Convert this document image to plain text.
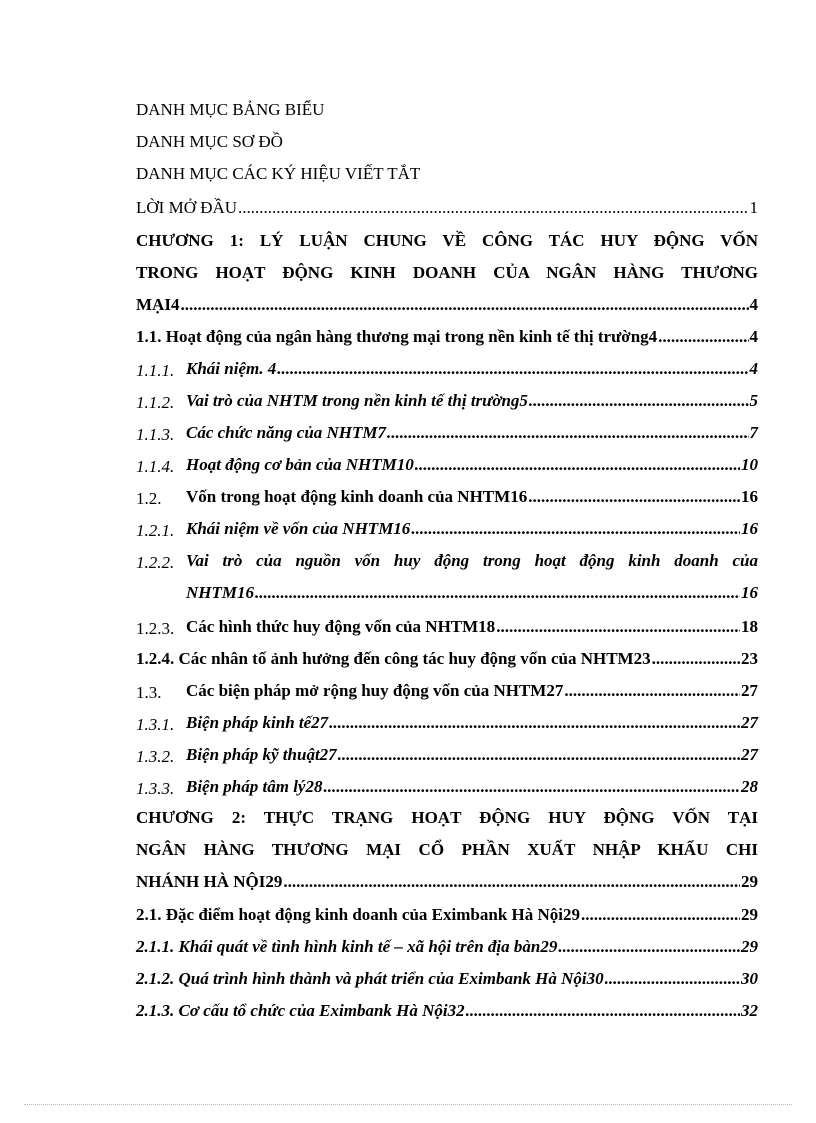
DANH MỤC BẢNG BIỂU
DANH MỤC SƠ ĐỒ
DANH MỤC CÁC KÝ HIỆU VIẾT TẮT
LỜI MỞ ĐẦU .....	1
CHƯƠNG 1: LÝ LUẬN CHUNG VỀ CÔNG TÁC HUY ĐỘNG VỐN
TRONG HOẠT ĐỘNG KINH DOANH CỦA NGÂN HÀNG THƯƠNG
MẠI4 .....	4
1.1. Hoạt động của ngân hàng thương mại trong nền kinh tế thị trường4 .....	4
1.1.1. Khái niệm. 4 .....	4
1.1.2. Vai trò của NHTM trong nền kinh tế thị trường5 .....	5
1.1.3. Các chức năng của NHTM7 .....	7
1.1.4. Hoạt động cơ bản của NHTM10 .....	10
1.2. Vốn trong hoạt động kinh doanh của NHTM16 .....	16
1.2.1. Khái niệm về vốn của NHTM16 .....	16
1.2.2. Vai trò của nguồn vốn huy động trong hoạt động kinh doanh của
NHTM16 .....	16
1.2.3. Các hình thức huy động vốn của NHTM18 .....	18
1.2.4. Các nhân tố ảnh hưởng đến công tác huy động vốn của NHTM23 .....	23
1.3. Các biện pháp mở rộng huy động vốn của NHTM27 .....	27
1.3.1. Biện pháp kinh tế27 .....	27
1.3.2. Biện pháp kỹ thuật27 .....	27
1.3.3. Biện pháp tâm lý28 .....	28
CHƯƠNG 2: THỰC TRẠNG HOẠT ĐỘNG HUY ĐỘNG VỐN TẠI
NGÂN HÀNG THƯƠNG MẠI CỔ PHẦN XUẤT NHẬP KHẨU CHI
NHÁNH HÀ NỘI29 .....	29
2.1. Đặc điểm hoạt động kinh doanh của Eximbank Hà Nội29 .....	29
2.1.1. Khái quát về tình hình kinh tế – xã hội trên địa bàn29 .....	29
2.1.2. Quá trình hình thành và phát triển của Eximbank Hà Nội30 .....	30
2.1.3. Cơ cấu tổ chức của Eximbank Hà Nội32 .....	32
